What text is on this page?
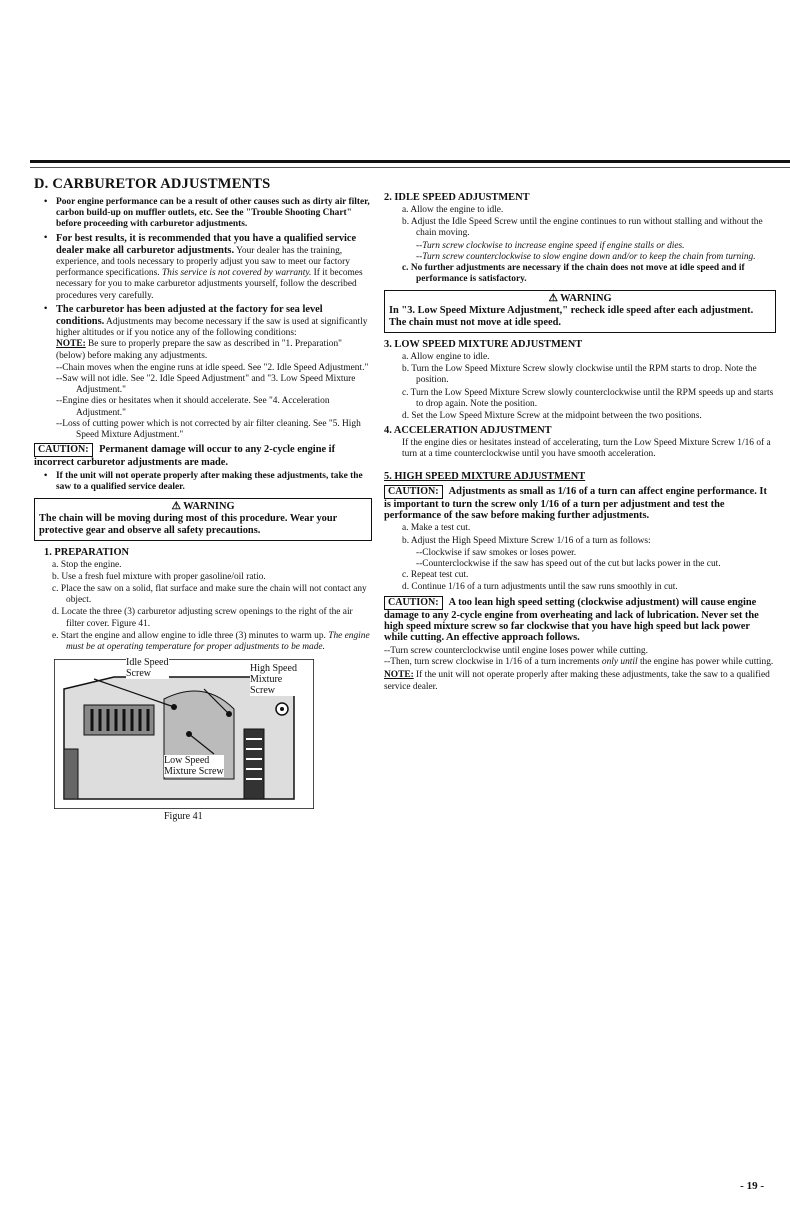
D. CARBURETOR ADJUSTMENTS
• Poor engine performance can be a result of other causes such as dirty air filter, carbon build-up on muffler outlets, etc. See the "Trouble Shooting Chart" before proceeding with carburetor adjustments.
• For best results, it is recommended that you have a qualified service dealer make all carburetor adjustments. Your dealer has the training, experience, and tools necessary to properly adjust you saw to meet our factory performance specifications. This service is not covered by warranty. If it becomes necessary for you to make carburetor adjustments yourself, follow the described procedures very carefully.
• The carburetor has been adjusted at the factory for sea level conditions. Adjustments may become necessary if the saw is used at significantly higher altitudes or if you notice any of the following conditions:

NOTE: Be sure to properly prepare the saw as described in "1. Preparation" (below) before making any adjustments.

--Chain moves when the engine runs at idle speed. See "2. Idle Speed Adjustment."
--Saw will not idle. See "2. Idle Speed Adjustment" and "3. Low Speed Mixture Adjustment."
--Engine dies or hesitates when it should accelerate. See "4. Acceleration Adjustment."
--Loss of cutting power which is not corrected by air filter cleaning. See "5. High Speed Mixture Adjustment."

CAUTION: Permanent damage will occur to any 2-cycle engine if incorrect carburetor adjustments are made.

• If the unit will not operate properly after making these adjustments, take the saw to a qualified service dealer.
⚠ WARNING
The chain will be moving during most of this procedure. Wear your protective gear and observe all safety precautions.
1. PREPARATION
a. Stop the engine.
b. Use a fresh fuel mixture with proper gasoline/oil ratio.
c. Place the saw on a solid, flat surface and make sure the chain will not contact any object.
d. Locate the three (3) carburetor adjusting screw openings to the right of the air filter cover. Figure 41.
e. Start the engine and allow engine to idle three (3) minutes to warm up. The engine must be at operating temperature for proper adjustments to be made.
Idle Speed
Screw	High Speed
Mixture
Screw
Low Speed
Mixture Screw
Figure 41
2. IDLE SPEED ADJUSTMENT
a. Allow the engine to idle.
b. Adjust the Idle Speed Screw until the engine continues to run without stalling and without the chain moving.
--Turn screw clockwise to increase engine speed if engine stalls or dies.
--Turn screw counterclockwise to slow engine down and/or to keep the chain from turning.
c. No further adjustments are necessary if the chain does not move at idle speed and if performance is satisfactory.
⚠ WARNING
In "3. Low Speed Mixture Adjustment," recheck idle speed after each adjustment. The chain must not move at idle speed.
3. LOW SPEED MIXTURE ADJUSTMENT
a. Allow engine to idle.
b. Turn the Low Speed Mixture Screw slowly clockwise until the RPM starts to drop. Note the position.
c. Turn the Low Speed Mixture Screw slowly counterclockwise until the RPM speeds up and starts to drop again. Note the position.
d. Set the Low Speed Mixture Screw at the midpoint between the two positions.
4. ACCELERATION ADJUSTMENT

If the engine dies or hesitates instead of accelerating, turn the Low Speed Mixture Screw 1/16 of a turn at a time counterclockwise until you have smooth acceleration.

5. HIGH SPEED MIXTURE ADJUSTMENT

CAUTION: Adjustments as small as 1/16 of a turn can affect engine performance. It is important to turn the screw only 1/16 of a turn per adjustment and test the performance of the saw before making further adjustments.

a. Make a test cut.
b. Adjust the High Speed Mixture Screw 1/16 of a turn as follows:
--Clockwise if saw smokes or loses power.
--Counterclockwise if the saw has speed out of the cut but lacks power in the cut.
c. Repeat test cut.
d. Continue 1/16 of a turn adjustments until the saw runs smoothly in cut.

CAUTION: A too lean high speed setting (clockwise adjustment) will cause engine damage to any 2-cycle engine from overheating and lack of lubrication. Never set the high speed mixture screw so far clockwise that you have high speed but lack power while cutting. An effective approach follows.

--Turn screw counterclockwise until engine loses power while cutting.
--Then, turn screw clockwise in 1/16 of a turn increments only until the engine has power while cutting.

NOTE: If the unit will not operate properly after making these adjustments, take the saw to a qualified service dealer.

- 19 -
